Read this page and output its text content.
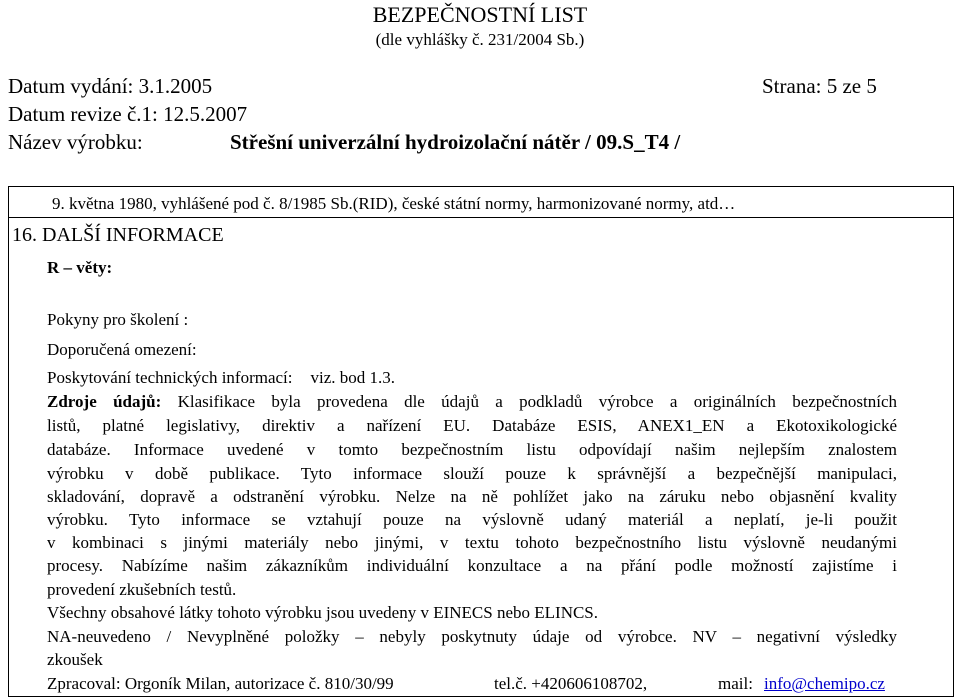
BEZPEČNOSTNÍ LIST
(dle vyhlášky č. 231/2004 Sb.)
Datum vydání: 3.1.2005	Strana: 5 ze 5
Datum revize č.1: 12.5.2007
Název výrobku:	Střešní univerzální hydroizolační nátěr / 09.S_T4 /
9. května 1980, vyhlášené pod č. 8/1985 Sb.(RID), české státní normy, harmonizované normy, atd…
16. DALŠÍ INFORMACE
R – věty:
Pokyny pro školení :
Doporučená omezení:
Poskytování technických informací: viz. bod 1.3.
Zdroje údajů: Klasifikace byla provedena dle údajů a podkladů výrobce a originálních bezpečnostních
listů, platné legislativy, direktiv a nařízení EU. Databáze ESIS, ANEX1_EN a Ekotoxikologické
databáze. Informace uvedené v tomto bezpečnostním listu odpovídají našim nejlepším znalostem
výrobku v době publikace. Tyto informace slouží pouze k správnější a bezpečnější manipulaci,
skladování, dopravě a odstranění výrobku. Nelze na ně pohlížet jako na záruku nebo objasnění kvality
výrobku. Tyto informace se vztahují pouze na výslovně udaný materiál a neplatí, je-li použit
v kombinaci s jinými materiály nebo jinými, v textu tohoto bezpečnostního listu výslovně neudanými
procesy. Nabízíme našim zákazníkům individuální konzultace a na přání podle možností zajistíme i
provedení zkušebních testů.
Všechny obsahové látky tohoto výrobku jsou uvedeny v EINECS nebo ELINCS.
NA-neuvedeno / Nevyplněné položky – nebyly poskytnuty údaje od výrobce. NV – negativní výsledky
zkoušek
Zpracoval: Orgoník Milan, autorizace č. 810/30/99	tel.č. +420606108702,	mail: info@chemipo.cz
